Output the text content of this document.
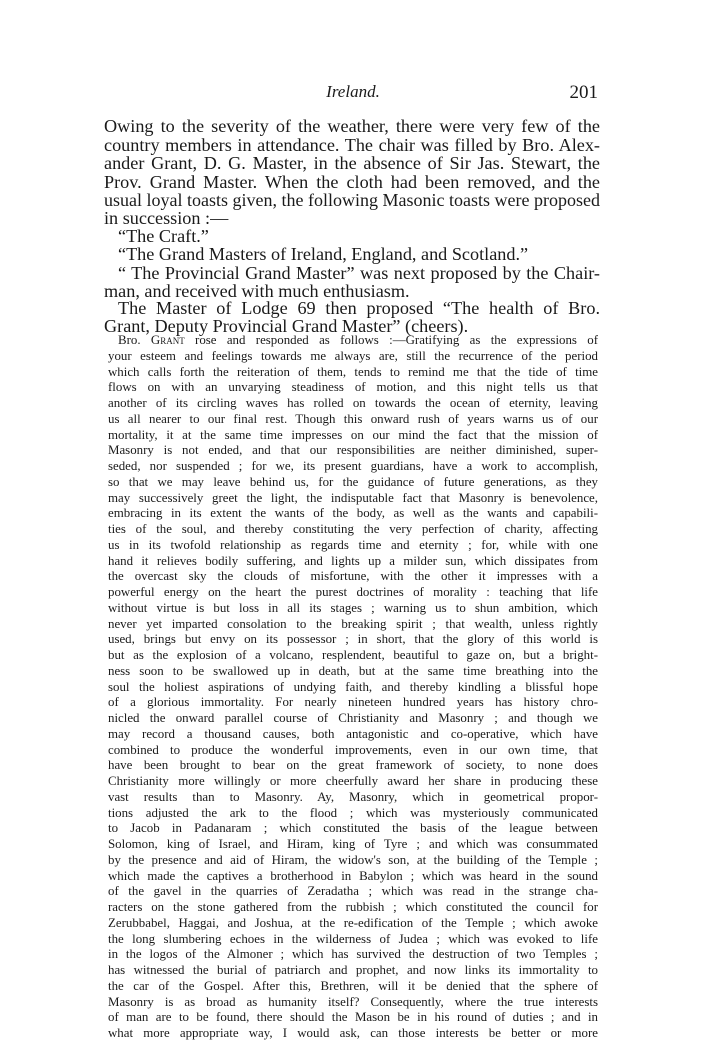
Ireland.	201

Owing to the severity of the weather, there were very few of the

country members in attendance. The chair was filled by Bro. Alex-

ander Grant, D. G. Master, in the absence of Sir Jas. Stewart, the

Prov. Grand Master. When the cloth had been removed, and the

usual loyal toasts given, the following Masonic toasts were proposed

in succession :—

“The Craft.”

“The Grand Masters of Ireland, England, and Scotland.”

“ The Provincial Grand Master” was next proposed by the Chair-

man, and received with much enthusiasm.

The Master of Lodge 69 then proposed “The health of Bro.

Grant, Deputy Provincial Grand Master” (cheers).

Bro. Grant rose and responded as follows :—Gratifying as the expressions of
your esteem and feelings towards me always are, still the recurrence of the period
which calls forth the reiteration of them, tends to remind me that the tide of time
flows on with an unvarying steadiness of motion, and this night tells us that
another of its circling waves has rolled on towards the ocean of eternity, leaving
us all nearer to our final rest. Though this onward rush of years warns us of our
mortality, it at the same time impresses on our mind the fact that the mission of
Masonry is not ended, and that our responsibilities are neither diminished, super-
seded, nor suspended ; for we, its present guardians, have a work to accomplish,
so that we may leave behind us, for the guidance of future generations, as they
may successively greet the light, the indisputable fact that Masonry is benevolence,
embracing in its extent the wants of the body, as well as the wants and capabili-
ties of the soul, and thereby constituting the very perfection of charity, affecting
us in its twofold relationship as regards time and eternity ; for, while with one
hand it relieves bodily suffering, and lights up a milder sun, which dissipates from
the overcast sky the clouds of misfortune, with the other it impresses with a
powerful energy on the heart the purest doctrines of morality : teaching that life
without virtue is but loss in all its stages ; warning us to shun ambition, which
never yet imparted consolation to the breaking spirit ; that wealth, unless rightly
used, brings but envy on its possessor ; in short, that the glory of this world is
but as the explosion of a volcano, resplendent, beautiful to gaze on, but a bright-
ness soon to be swallowed up in death, but at the same time breathing into the
soul the holiest aspirations of undying faith, and thereby kindling a blissful hope
of a glorious immortality. For nearly nineteen hundred years has history chro-
nicled the onward parallel course of Christianity and Masonry ; and though we
may record a thousand causes, both antagonistic and co-operative, which have
combined to produce the wonderful improvements, even in our own time, that
have been brought to bear on the great framework of society, to none does
Christianity more willingly or more cheerfully award her share in producing these
vast results than to Masonry. Ay, Masonry, which in geometrical propor-
tions adjusted the ark to the flood ; which was mysteriously communicated
to Jacob in Padanaram ; which constituted the basis of the league between
Solomon, king of Israel, and Hiram, king of Tyre ; and which was consummated
by the presence and aid of Hiram, the widow's son, at the building of the Temple ;
which made the captives a brotherhood in Babylon ; which was heard in the sound
of the gavel in the quarries of Zeradatha ; which was read in the strange cha-
racters on the stone gathered from the rubbish ; which constituted the council for
Zerubbabel, Haggai, and Joshua, at the re-edification of the Temple ; which awoke
the long slumbering echoes in the wilderness of Judea ; which was evoked to life
in the logos of the Almoner ; which has survived the destruction of two Temples ;
has witnessed the burial of patriarch and prophet, and now links its immortality to
the car of the Gospel. After this, Brethren, will it be denied that the sphere of
Masonry is as broad as humanity itself? Consequently, where the true interests
of man are to be found, there should the Mason be in his round of duties ; and in
what more appropriate way, I would ask, can those interests be better or more
